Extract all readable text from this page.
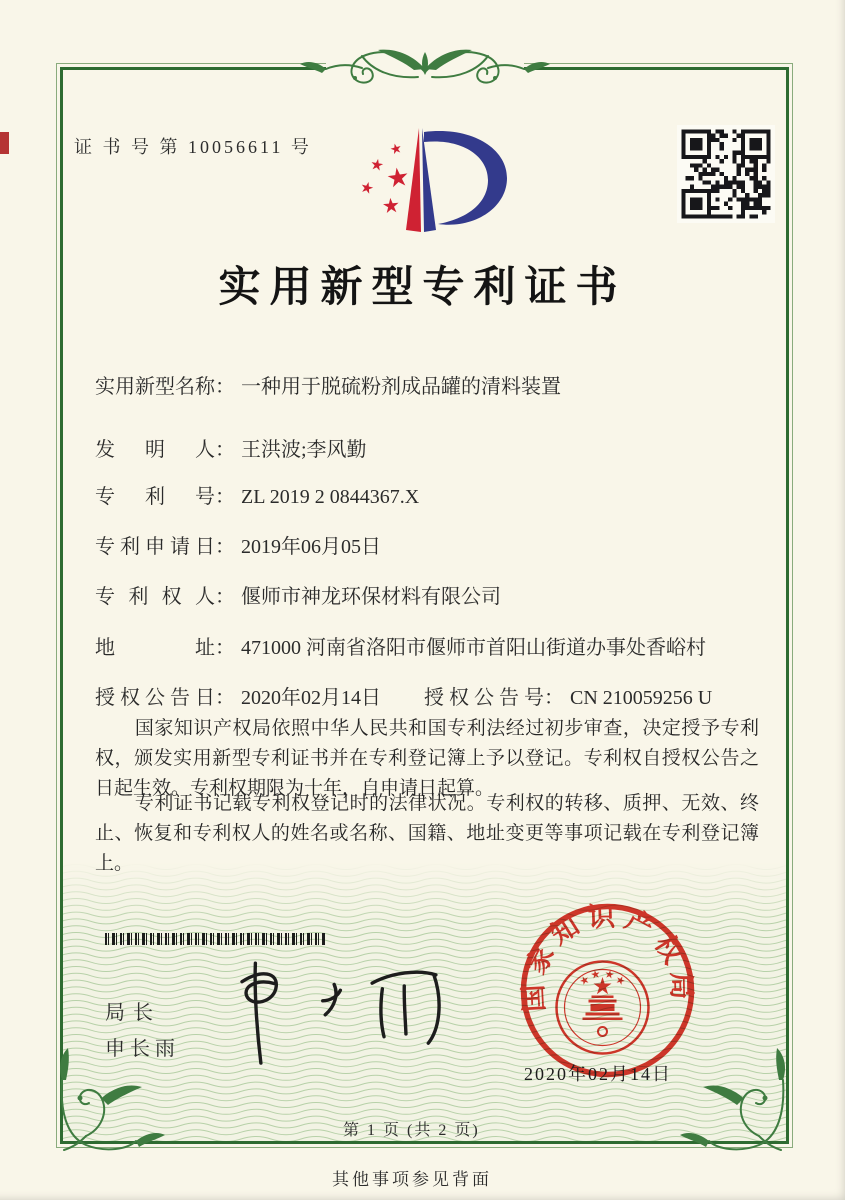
证 书 号 第 10056611 号
实用新型专利证书
实用新型名称： 一种用于脱硫粉剂成品罐的清料装置
发明人： 王洪波;李风勤
专利号： ZL 2019 2 0844367.X
专利申请日： 2019年06月05日
专利权人： 偃师市神龙环保材料有限公司
地址： 471000 河南省洛阳市偃师市首阳山街道办事处香峪村
授权公告日： 2020年02月14日 授权公告号： CN 210059256 U
国家知识产权局依照中华人民共和国专利法经过初步审查，决定授予专利权，颁发实用新型专利证书并在专利登记簿上予以登记。专利权自授权公告之日起生效。专利权期限为十年，自申请日起算。
专利证书记载专利权登记时的法律状况。专利权的转移、质押、无效、终止、恢复和专利权人的姓名或名称、国籍、地址变更等事项记载在专利登记簿上。
局长
申长雨
国家知识产权局
2020年02月14日
第 1 页 (共 2 页)
其他事项参见背面
